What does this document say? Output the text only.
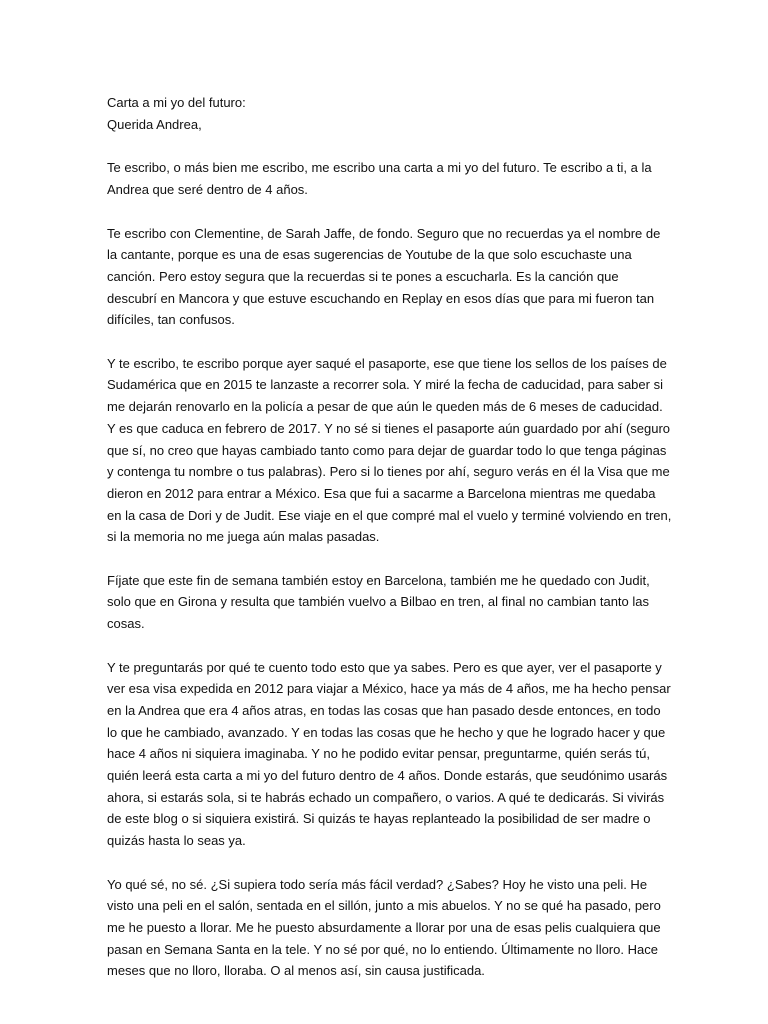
Carta a mi yo del futuro:
Querida Andrea,

Te escribo, o más bien me escribo, me escribo una carta a mi yo del futuro. Te escribo a ti, a la Andrea que seré dentro de 4 años.

Te escribo con Clementine, de Sarah Jaffe, de fondo. Seguro que no recuerdas ya el nombre de la cantante, porque es una de esas sugerencias de Youtube de la que solo escuchaste una canción. Pero estoy segura que la recuerdas si te pones a escucharla. Es la canción que descubrí en Mancora y que estuve escuchando en Replay en esos días que para mi fueron tan difíciles, tan confusos.

Y te escribo, te escribo porque ayer saqué el pasaporte, ese que tiene los sellos de los países de Sudamérica que en 2015 te lanzaste a recorrer sola. Y miré la fecha de caducidad, para saber si me dejarán renovarlo en la policía a pesar de que aún le queden más de 6 meses de caducidad. Y es que caduca en febrero de 2017. Y no sé si tienes el pasaporte aún guardado por ahí (seguro que sí, no creo que hayas cambiado tanto como para dejar de guardar todo lo que tenga páginas y contenga tu nombre o tus palabras). Pero si lo tienes por ahí, seguro verás en él la Visa que me dieron en 2012 para entrar a México. Esa que fui a sacarme a Barcelona mientras me quedaba en la casa de Dori y de Judit. Ese viaje en el que compré mal el vuelo y terminé volviendo en tren, si la memoria no me juega aún malas pasadas.

Fíjate que este fin de semana también estoy en Barcelona, también me he quedado con Judit, solo que en Girona y resulta que también vuelvo a Bilbao en tren, al final no cambian tanto las cosas.

Y te preguntarás por qué te cuento todo esto que ya sabes. Pero es que ayer, ver el pasaporte y ver esa visa expedida en 2012 para viajar a México, hace ya más de 4 años, me ha hecho pensar en la Andrea que era 4 años atras, en todas las cosas que han pasado desde entonces, en todo lo que he cambiado, avanzado. Y en todas las cosas que he hecho y que he logrado hacer y que hace 4 años ni siquiera imaginaba. Y no he podido evitar pensar, preguntarme, quién serás tú, quién leerá esta carta a mi yo del futuro dentro de 4 años. Donde estarás, que seudónimo usarás ahora, si estarás sola, si te habrás echado un compañero, o varios. A qué te dedicarás. Si vivirás de este blog o si siquiera existirá. Si quizás te hayas replanteado la posibilidad de ser madre o quizás hasta lo seas ya.

Yo qué sé, no sé. ¿Si supiera todo sería más fácil verdad? ¿Sabes? Hoy he visto una peli. He visto una peli en el salón, sentada en el sillón, junto a mis abuelos. Y no se qué ha pasado, pero me he puesto a llorar. Me he puesto absurdamente a llorar por una de esas pelis cualquiera que pasan en Semana Santa en la tele. Y no sé por qué, no lo entiendo. Últimamente no lloro. Hace meses que no lloro, lloraba. O al menos así, sin causa justificada.
